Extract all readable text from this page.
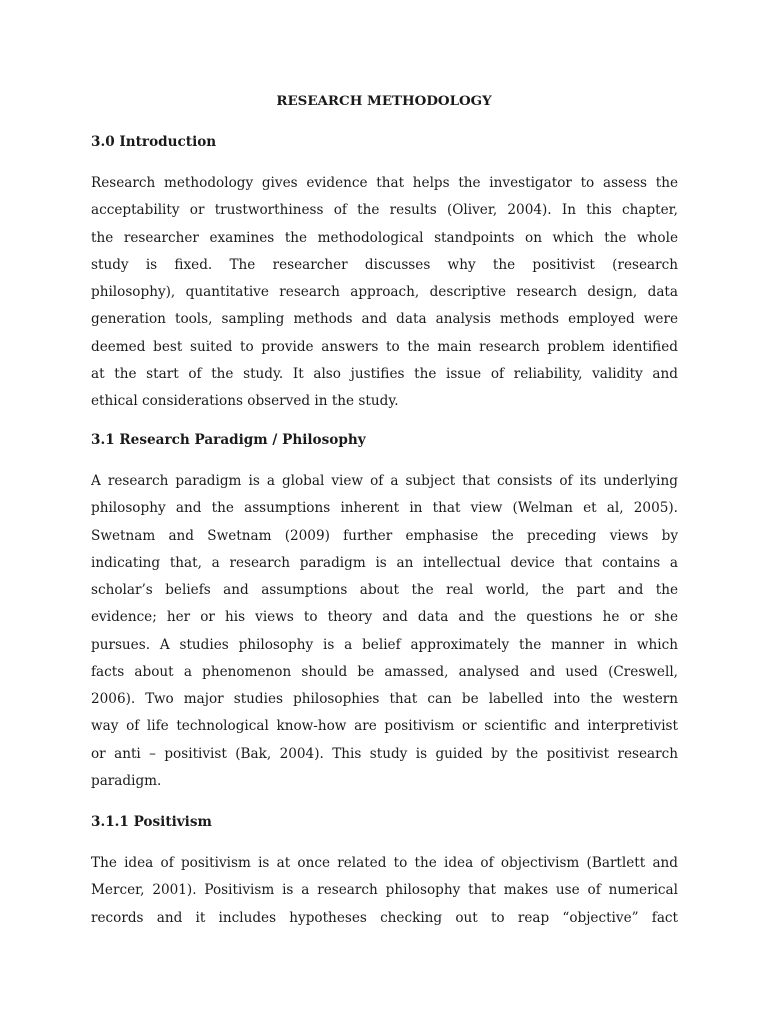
RESEARCH METHODOLOGY
3.0 Introduction
Research methodology gives evidence that helps the investigator to assess the
acceptability or trustworthiness of the results (Oliver, 2004). In this chapter,
the researcher examines the methodological standpoints on which the whole
study is fixed. The researcher discusses why the positivist (research
philosophy), quantitative research approach, descriptive research design, data
generation tools, sampling methods and data analysis methods employed were
deemed best suited to provide answers to the main research problem identified
at the start of the study. It also justifies the issue of reliability, validity and
ethical considerations observed in the study.
3.1 Research Paradigm / Philosophy
A research paradigm is a global view of a subject that consists of its underlying
philosophy and the assumptions inherent in that view (Welman et al, 2005).
Swetnam and Swetnam (2009) further emphasise the preceding views by
indicating that, a research paradigm is an intellectual device that contains a
scholar’s beliefs and assumptions about the real world, the part and the
evidence; her or his views to theory and data and the questions he or she
pursues. A studies philosophy is a belief approximately the manner in which
facts about a phenomenon should be amassed, analysed and used (Creswell,
2006). Two major studies philosophies that can be labelled into the western
way of life technological know-how are positivism or scientific and interpretivist
or anti – positivist (Bak, 2004). This study is guided by the positivist research
paradigm.
3.1.1 Positivism
The idea of positivism is at once related to the idea of objectivism (Bartlett and
Mercer, 2001). Positivism is a research philosophy that makes use of numerical
records and it includes hypotheses checking out to reap “objective” fact
